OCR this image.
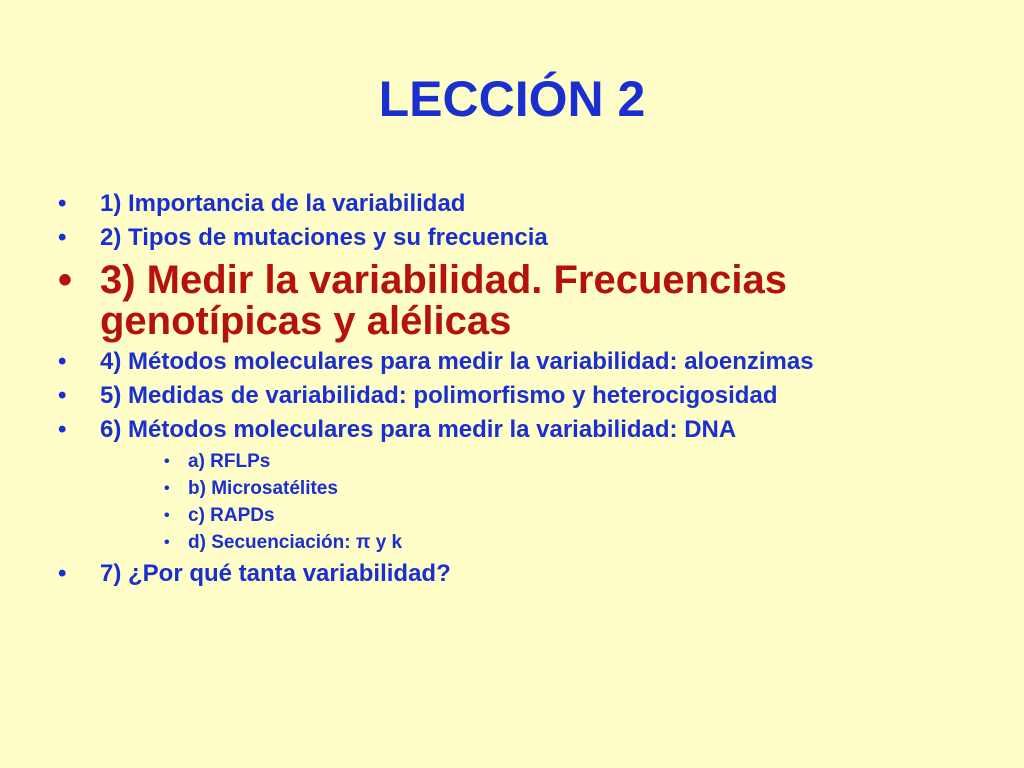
LECCIÓN 2
• 1) Importancia de la variabilidad
• 2) Tipos de mutaciones y su frecuencia
• 3) Medir la variabilidad. Frecuencias genotípicas y alélicas
• 4) Métodos moleculares para medir la variabilidad: aloenzimas
• 5) Medidas de variabilidad: polimorfismo y heterocigosidad
• 6) Métodos moleculares para medir la variabilidad: DNA
• a) RFLPs
• b) Microsatélites
• c) RAPDs
• d) Secuenciación: π y k
• 7) ¿Por qué tanta variabilidad?
